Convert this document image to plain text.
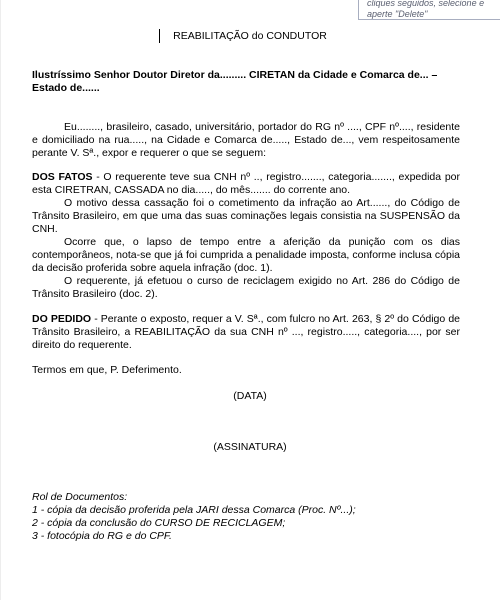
cliques seguidos, selecione e
aperte "Delete"
REABILITAÇÃO do CONDUTOR
Ilustríssimo Senhor Doutor Diretor da......... CIRETAN da Cidade e Comarca de... – Estado de......

Eu........, brasileiro, casado, universitário, portador do RG nº ...., CPF nº...., residente e domiciliado na rua....., na Cidade e Comarca de....., Estado de..., vem respeitosamente perante V. Sª., expor e requerer o que se seguem:

DOS FATOS - O requerente teve sua CNH nº .., registro......., categoria......., expedida por esta CIRETRAN, CASSADA no dia....., do mês....... do corrente ano.

O motivo dessa cassação foi o cometimento da infração ao Art......, do Código de Trânsito Brasileiro, em que uma das suas cominações legais consistia na SUSPENSÃO da CNH.

Ocorre que, o lapso de tempo entre a aferição da punição com os dias contemporâneos, nota-se que já foi cumprida a penalidade imposta, conforme inclusa cópia da decisão proferida sobre aquela infração (doc. 1).

O requerente, já efetuou o curso de reciclagem exigido no Art. 286 do Código de Trânsito Brasileiro (doc. 2).

DO PEDIDO - Perante o exposto, requer a V. Sª., com fulcro no Art. 263, § 2º do Código de Trânsito Brasileiro, a REABILITAÇÃO da sua CNH nº ..., registro....., categoria...., por ser direito do requerente.

Termos em que, P. Deferimento.
(DATA)
(ASSINATURA)
Rol de Documentos:
1 - cópia da decisão proferida pela JARI dessa Comarca (Proc. Nº...);
2 - cópia da conclusão do CURSO DE RECICLAGEM;
3 - fotocópia do RG e do CPF.
